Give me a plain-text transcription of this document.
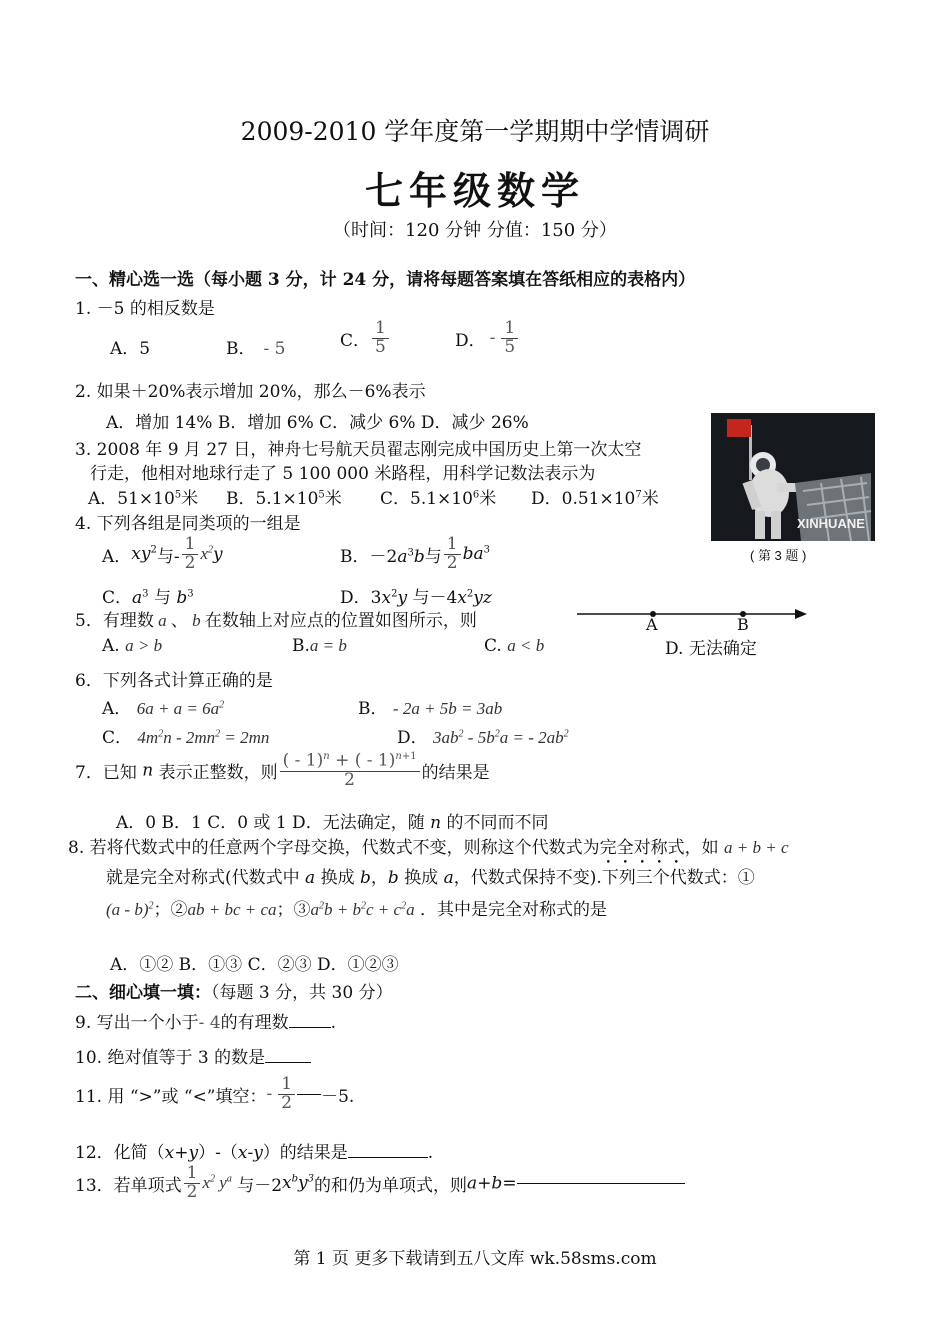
2009-2010 学年度第一学期期中学情调研
七年级数学
（时间：120 分钟 分值：150 分）
一、精心选一选（每小题 3 分，计 24 分，请将每题答案填在答纸相应的表格内）
1. －5 的相反数是
A．5	B． - 5	C． $\frac{1}{5}$	D． - $\frac{1}{5}$
2. 如果＋20%表示增加 20%，那么－6%表示
A．增加 14% B．增加 6% C．减少 6% D．减少 26%
3. 2008 年 9 月 27 日，神舟七号航天员翟志刚完成中国历史上第一次太空
行走，他相对地球行走了 5 100 000 米路程，用科学记数法表示为
A．$51\times 10^5$米 B．$5.1\times 10^5$米 C．$5.1\times 10^6$米 D．$0.51\times 10^7$米
XINHUANE
( 第 3 题 )
4. 下列各组是同类项的一组是
A．$xy^2$与- $\frac{1}{2} x^2y$	B．$-2a^3b$与 $\frac{1}{2} ba^3$
C．$a^3$ 与 $b^3$	D．$3x^2y$ 与$-4x^2yz$
5．有理数 a 、 b 在数轴上对应点的位置如图所示，则
A. a > b	B.a = b	C. a < b	D. 无法确定
A	B
6．下列各式计算正确的是
A． $6a + a = 6a^2$	B． - 2a + 5b = 3ab
C． $4m^2n - 2mn^2 = 2mn$	D． $3ab^2 - 5b^2a$ = - $2ab^2$
7．已知 n 表示正整数，则 $\frac{( - 1)^n + ( - 1)^{n+1}}{2}$ 的结果是
A．0 B．1 C．0 或 1 D．无法确定，随 n 的不同而不同
8. 若将代数式中的任意两个字母交换，代数式不变，则称这个代数式为完全对称式，如 a + b + c
就是完全对称式(代数式中 a 换成 b，b 换成 a，代数式保持不变).下列三个代数式：①
(a - b)$^2$；②ab + bc + ca；$③a^2b + b^2c + c^2a$ ．其中是完全对称式的是
A．①② B．①③ C．②③ D．①②③
二、细心填一填：（每题 3 分，共 30 分）
9. 写出一个小于- 4的有理数 .
10. 绝对值等于 3 的数是
11. 用 “>”或 “<”填空：- $\frac{1}{2} -5$.
12．化简（x+y）-（x-y）的结果是	.
13．若单项式 $\frac{1}{2} x^2$ $y^a$ 与$-2x^by^3$的和仍为单项式，则a+b=
第 1 页 更多下载请到五八文库 wk.58sms.com
